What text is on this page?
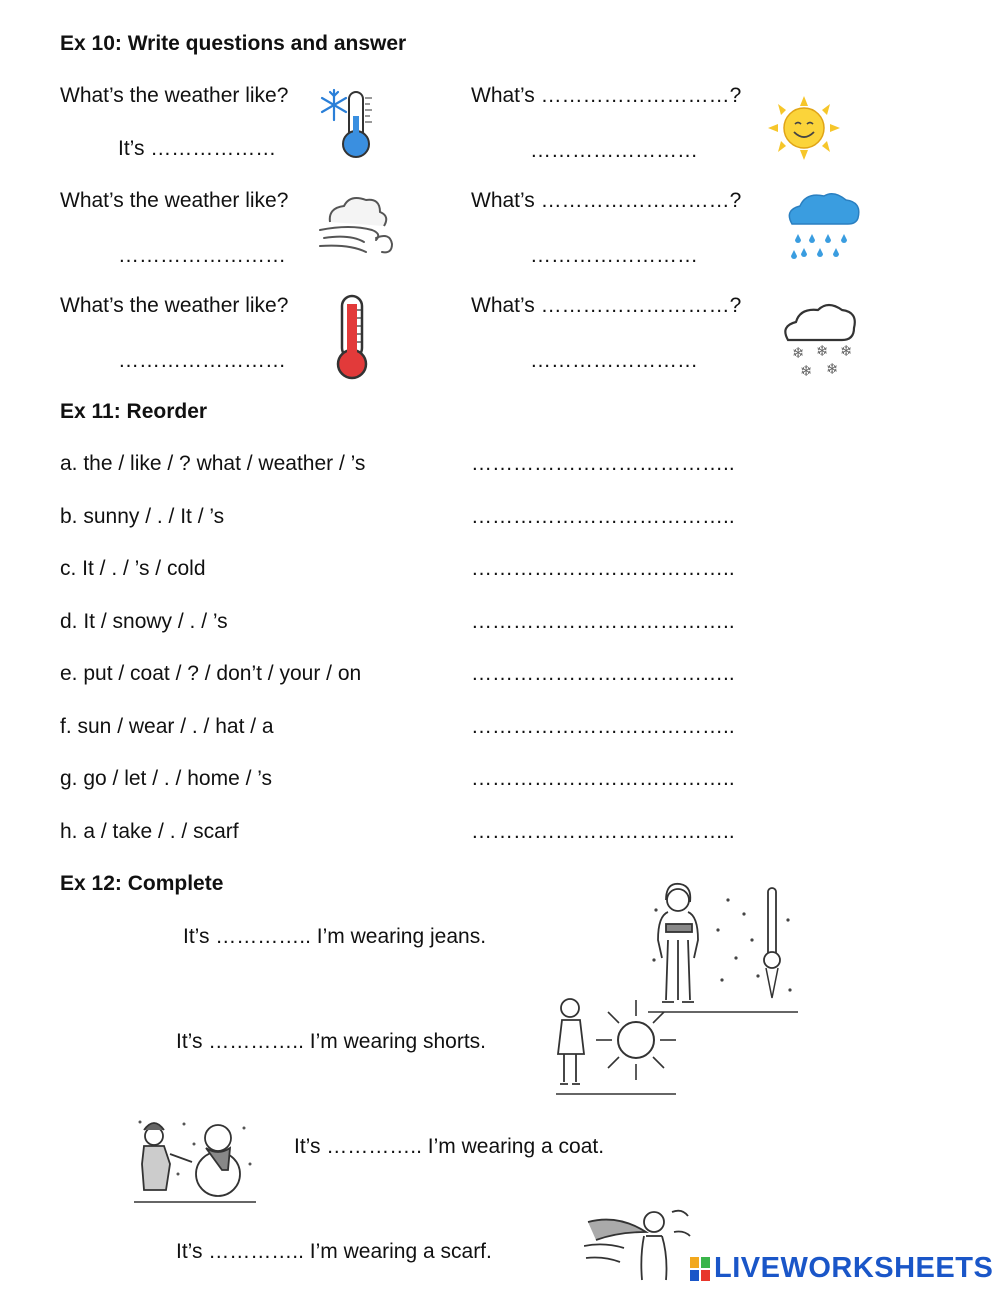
Ex 10: Write questions and answer
What’s the weather like?
It’s ………………
What’s ………………………?
……………………
What’s the weather like?
……………………
What’s ………………………?
……………………
What’s the weather like?
……………………
What’s ………………………?
……………………	❄ ❄ ❄
❄ ❄
Ex 11: Reorder
a. the / like / ? what / weather / ’s	………………………………..
b. sunny / . / It / ’s	………………………………..
c. It / . / ’s / cold	………………………………..
d. It / snowy / . / ’s	………………………………..
e. put / coat / ? / don’t / your / on	………………………………..
f. sun / wear / . / hat / a	………………………………..
g. go / let / . / home / ’s	………………………………..
h. a / take / . / scarf	………………………………..
Ex 12: Complete
It’s ………….. I’m wearing jeans.
It’s ………….. I’m wearing shorts.
It’s ………….. I’m wearing a coat.
It’s ………….. I’m wearing a scarf.
LIVEWORKSHEETS
